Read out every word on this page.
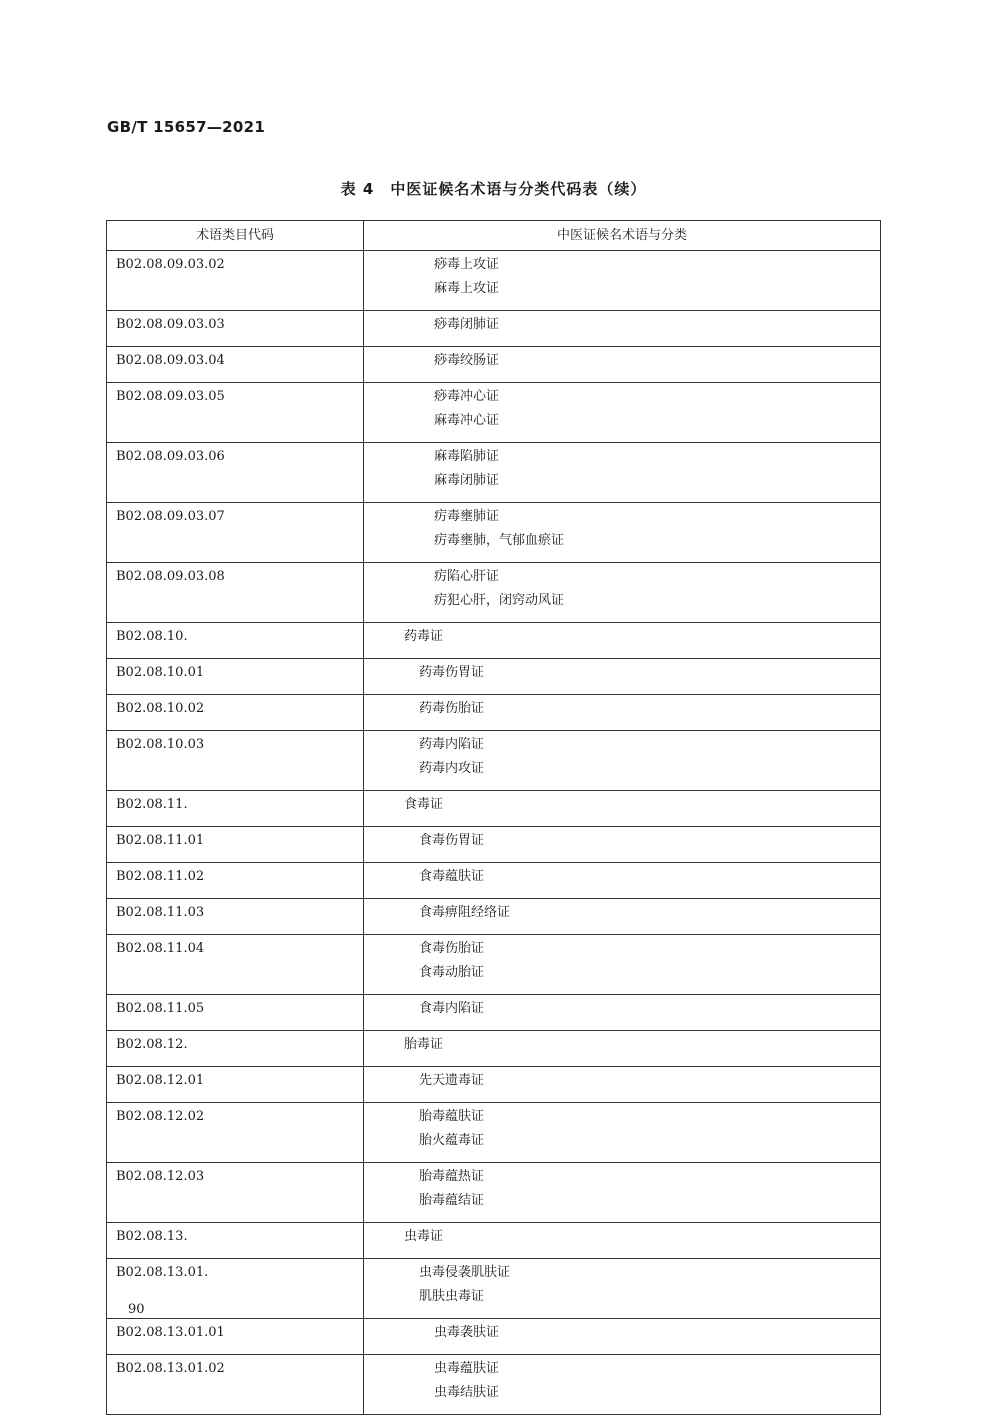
GB/T 15657—2021
表 4　中医证候名术语与分类代码表（续）
术语类目代码	中医证候名术语与分类
B02.08.09.03.02	痧毒上攻证
麻毒上攻证

B02.08.09.03.03	痧毒闭肺证

B02.08.09.03.04	痧毒绞肠证

B02.08.09.03.05	痧毒冲心证
麻毒冲心证

B02.08.09.03.06	麻毒陷肺证
麻毒闭肺证

B02.08.09.03.07	疠毒壅肺证
疠毒壅肺，气郁血瘀证

B02.08.09.03.08	疠陷心肝证
疠犯心肝，闭窍动风证

B02.08.10.	药毒证

B02.08.10.01	药毒伤胃证

B02.08.10.02	药毒伤胎证

B02.08.10.03	药毒内陷证
药毒内攻证

B02.08.11.	食毒证

B02.08.11.01	食毒伤胃证

B02.08.11.02	食毒蕴肤证

B02.08.11.03	食毒痹阻经络证

B02.08.11.04	食毒伤胎证
食毒动胎证

B02.08.11.05	食毒内陷证

B02.08.12.	胎毒证

B02.08.12.01	先天遗毒证

B02.08.12.02	胎毒蕴肤证
胎火蕴毒证

B02.08.12.03	胎毒蕴热证
胎毒蕴结证

B02.08.13.	虫毒证

B02.08.13.01.	虫毒侵袭肌肤证
肌肤虫毒证

B02.08.13.01.01	虫毒袭肤证

B02.08.13.01.02	虫毒蕴肤证
虫毒结肤证
90
